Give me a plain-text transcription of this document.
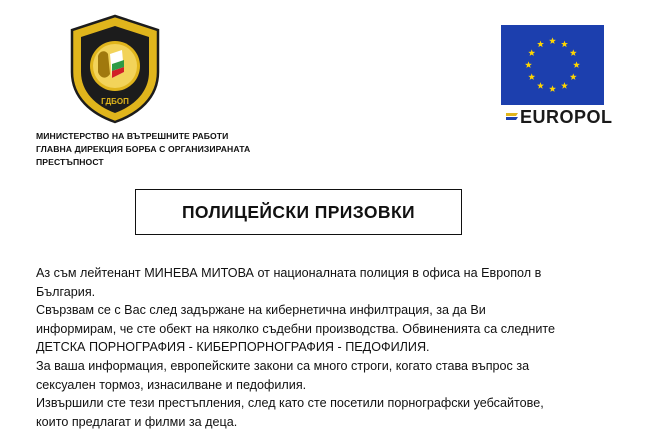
ГДБОП
EUROPOL
МИНИСТЕРСТВО НА ВЪТРЕШНИТЕ РАБОТИ
ГЛАВНА ДИРЕКЦИЯ БОРБА С ОРГАНИЗИРАНАТА
ПРЕСТЪПНОСТ
ПОЛИЦЕЙСКИ ПРИЗОВКИ

Аз съм лейтенант МИНЕВА МИТОВА от националната полиция в офиса на Европол в

България.

Свързвам се с Вас след задържане на кибернетична инфилтрация, за да Ви

информирам, че сте обект на няколко съдебни производства. Обвиненията са следните

ДЕТСКА ПОРНОГРАФИЯ - КИБЕРПОРНОГРАФИЯ - ПЕДОФИЛИЯ.

За ваша информация, европейските закони са много строги, когато става въпрос за

сексуален тормоз, изнасилване и педофилия.

Извършили сте тези престъпления, след като сте посетили порнографски уебсайтове,

които предлагат и филми за деца.
